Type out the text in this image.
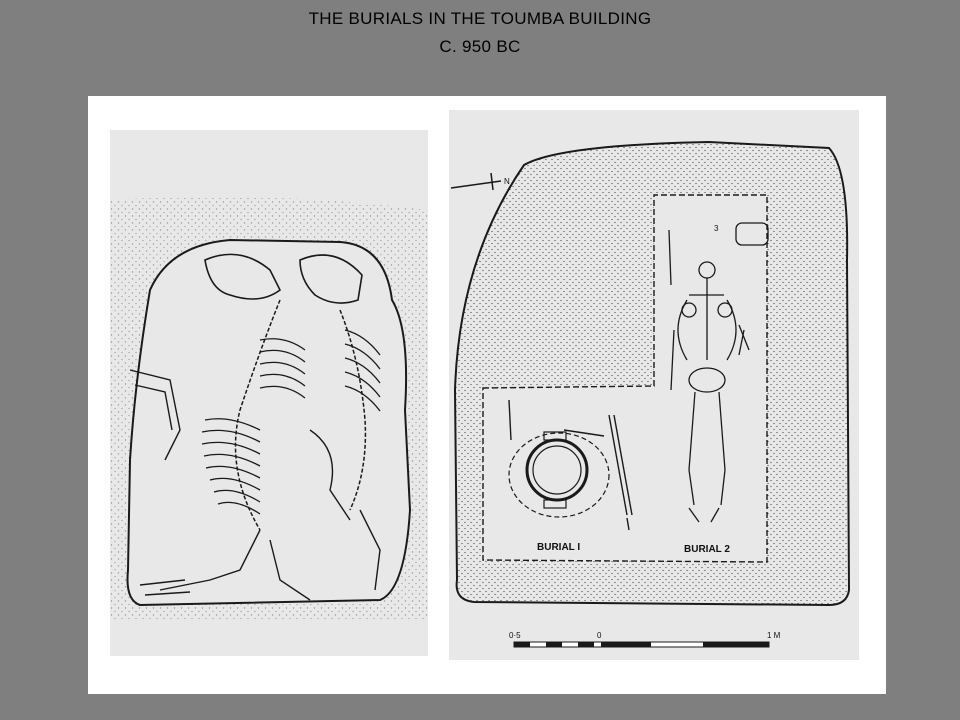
THE BURIALS IN THE TOUMBA BUILDING
C. 950 BC
N
3
BURIAL I	BURIAL 2
0·5	0	1 M
